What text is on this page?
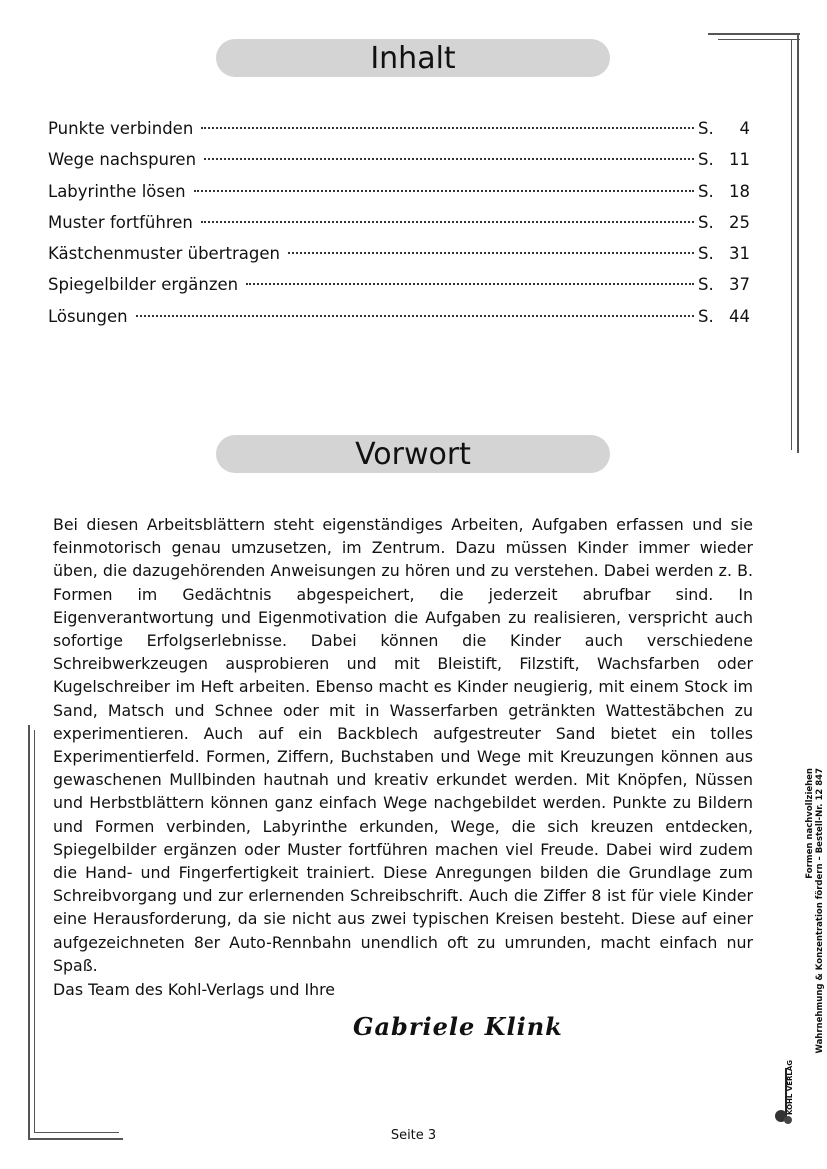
Inhalt
Punkte verbinden	S.	4
Wege nachspuren	S. 11
Labyrinthe lösen	S. 18
Muster fortführen	S. 25
Kästchenmuster übertragen	S. 31
Spiegelbilder ergänzen	S. 37
Lösungen	S. 44
Vorwort

Bei diesen Arbeitsblättern steht eigenständiges Arbeiten, Aufgaben erfassen und sie feinmotorisch genau umzusetzen, im Zentrum. Dazu müssen Kinder immer wieder üben, die dazugehörenden Anweisungen zu hören und zu verstehen. Dabei werden z. B. Formen im Gedächtnis abgespeichert, die jederzeit abrufbar sind. In Eigenverantwortung und Eigenmotivation die Aufgaben zu realisieren, verspricht auch sofortige Erfolgserlebnisse. Dabei können die Kinder auch verschiedene Schreibwerkzeugen ausprobieren und mit Bleistift, Filzstift, Wachsfarben oder Kugelschreiber im Heft arbeiten. Ebenso macht es Kinder neugierig, mit einem Stock im Sand, Matsch und Schnee oder mit in Wasserfarben getränkten Wattestäbchen zu experimentieren. Auch auf ein Backblech aufgestreuter Sand bietet ein tolles Experimentierfeld. Formen, Ziffern, Buchstaben und Wege mit Kreuzungen können aus gewaschenen Mullbinden hautnah und kreativ erkundet werden. Mit Knöpfen, Nüssen und Herbstblättern können ganz einfach Wege nachgebildet werden. Punkte zu Bildern und Formen verbinden, Labyrinthe erkunden, Wege, die sich kreuzen entdecken, Spiegelbilder ergänzen oder Muster fortführen machen viel Freude. Dabei wird zudem die Hand- und Fingerfertigkeit trainiert. Diese Anregungen bilden die Grundlage zum Schreibvorgang und zur erlernenden Schreibschrift. Auch die Ziffer 8 ist für viele Kinder eine Herausforderung, da sie nicht aus zwei typischen Kreisen besteht. Diese auf einer aufgezeichneten 8er Auto-Rennbahn unendlich oft zu umrunden, macht einfach nur Spaß.

Das Team des Kohl-Verlags und Ihre
Gabriele Klink
Seite 3
Formen nachvollziehen Wahrnehmung & Konzentration fördern – Bestell-Nr. 12 847
KOHL VERLAG
